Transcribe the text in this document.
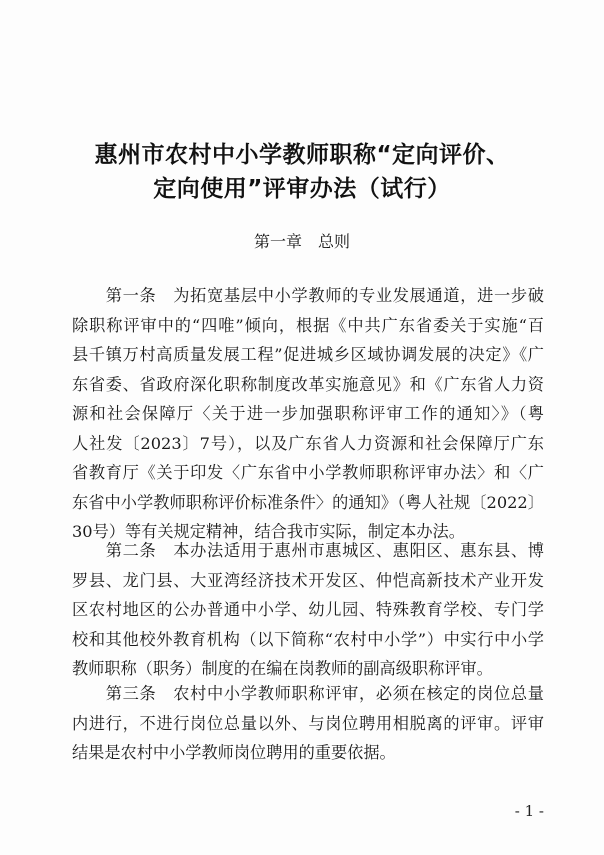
惠州市农村中小学教师职称“定向评价、
定向使用”评审办法（试行）
第一章 总则
　　第一条　为拓宽基层中小学教师的专业发展通道，进一步破
除职称评审中的“四唯”倾向，根据《中共广东省委关于实施“百
县千镇万村高质量发展工程”促进城乡区域协调发展的决定》《广
东省委、省政府深化职称制度改革实施意见》和《广东省人力资
源和社会保障厅〈关于进一步加强职称评审工作的通知〉》（粤
人社发〔2023〕7号），以及广东省人力资源和社会保障厅广东
省教育厅《关于印发〈广东省中小学教师职称评审办法〉和〈广
东省中小学教师职称评价标准条件〉的通知》（粤人社规〔2022〕
30号）等有关规定精神，结合我市实际，制定本办法。
　　第二条　本办法适用于惠州市惠城区、惠阳区、惠东县、博
罗县、龙门县、大亚湾经济技术开发区、仲恺高新技术产业开发
区农村地区的公办普通中小学、幼儿园、特殊教育学校、专门学
校和其他校外教育机构（以下简称“农村中小学”）中实行中小学
教师职称（职务）制度的在编在岗教师的副高级职称评审。
　　第三条　农村中小学教师职称评审，必须在核定的岗位总量
内进行，不进行岗位总量以外、与岗位聘用相脱离的评审。评审
结果是农村中小学教师岗位聘用的重要依据。
- 1 -
